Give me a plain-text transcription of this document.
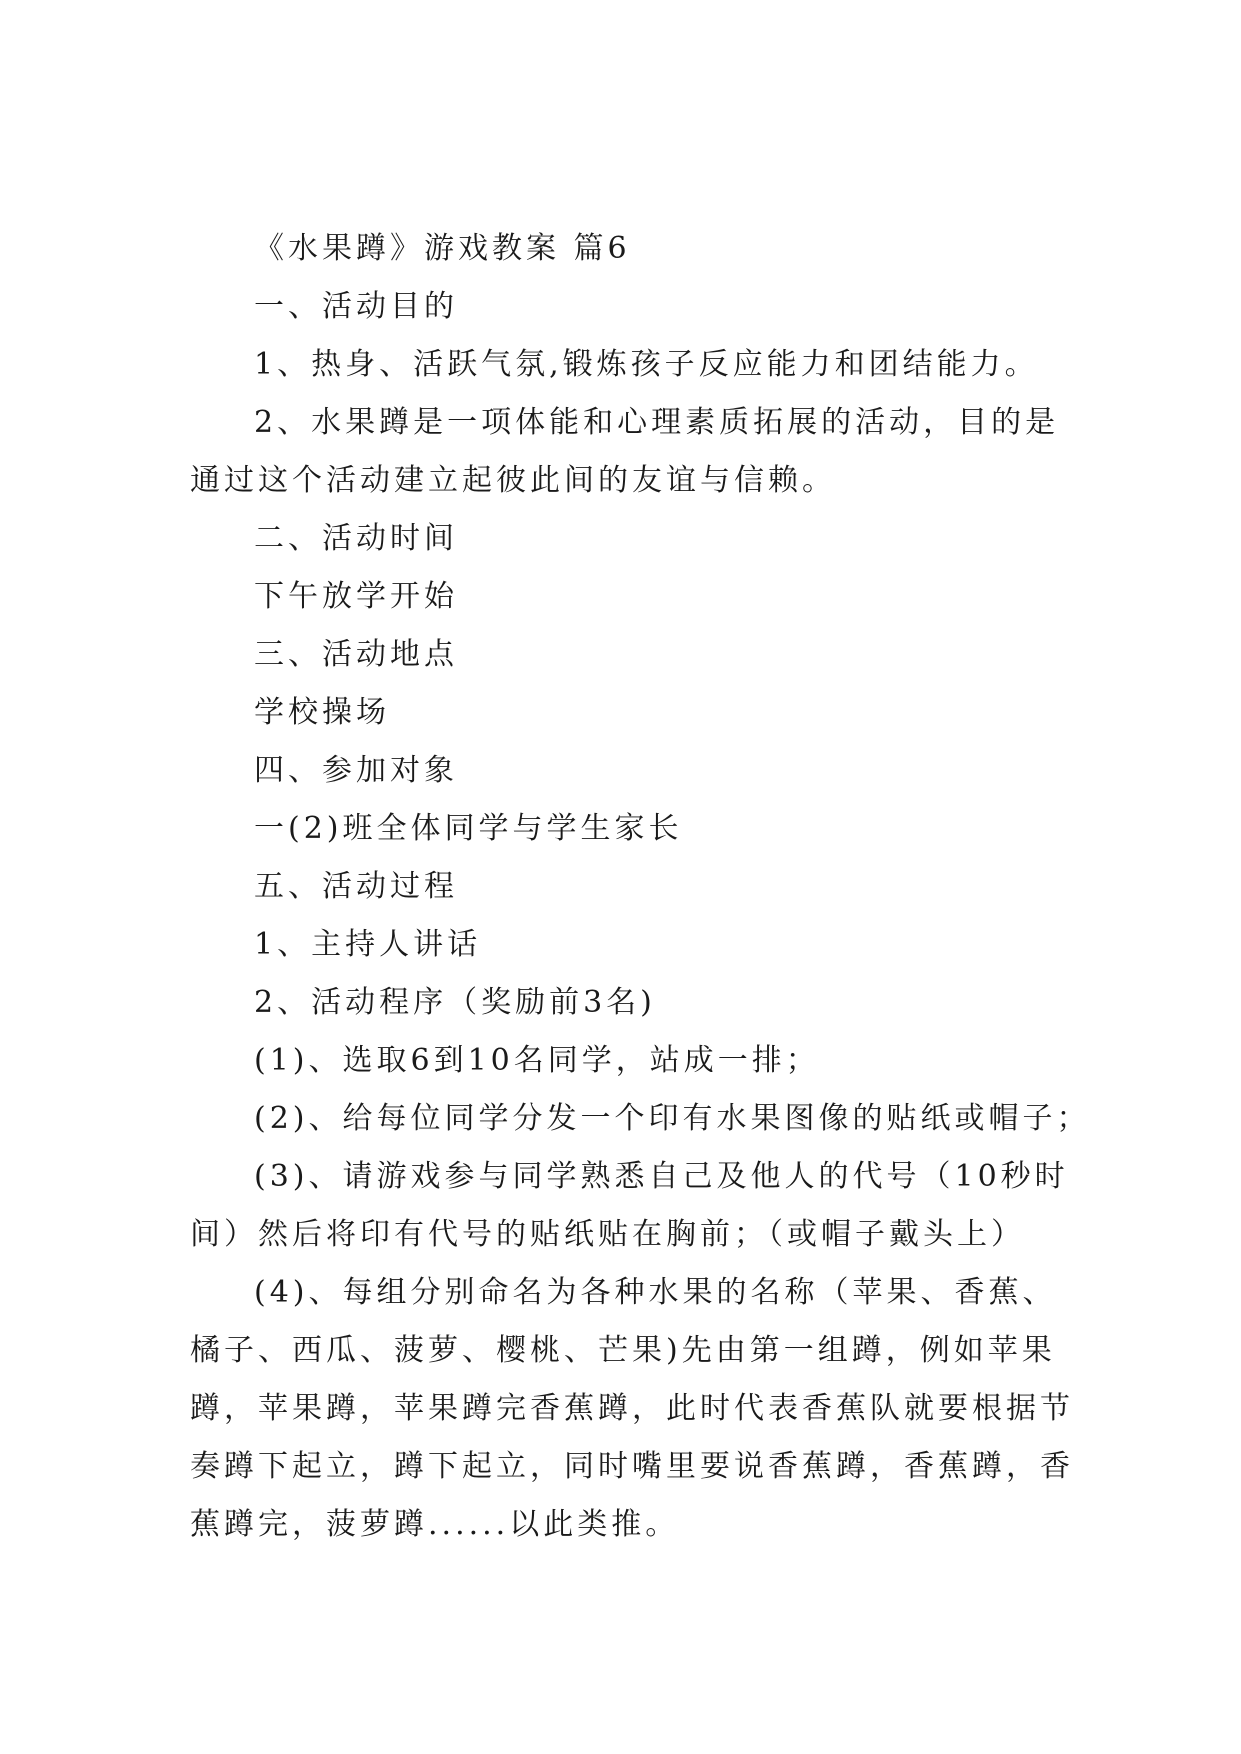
《水果蹲》游戏教案 篇6

一、活动目的

1、热身、活跃气氛,锻炼孩子反应能力和团结能力。

2、水果蹲是一项体能和心理素质拓展的活动，目的是

通过这个活动建立起彼此间的友谊与信赖。

二、活动时间

下午放学开始

三、活动地点

学校操场

四、参加对象

一(2)班全体同学与学生家长

五、活动过程

1、主持人讲话

2、活动程序（奖励前3名)

(1)、选取6到10名同学，站成一排；

(2)、给每位同学分发一个印有水果图像的贴纸或帽子；

(3)、请游戏参与同学熟悉自己及他人的代号（10秒时

间）然后将印有代号的贴纸贴在胸前；（或帽子戴头上）

(4)、每组分别命名为各种水果的名称（苹果、香蕉、

橘子、西瓜、菠萝、樱桃、芒果)先由第一组蹲，例如苹果

蹲，苹果蹲，苹果蹲完香蕉蹲，此时代表香蕉队就要根据节

奏蹲下起立，蹲下起立，同时嘴里要说香蕉蹲，香蕉蹲，香

蕉蹲完，菠萝蹲......以此类推。
